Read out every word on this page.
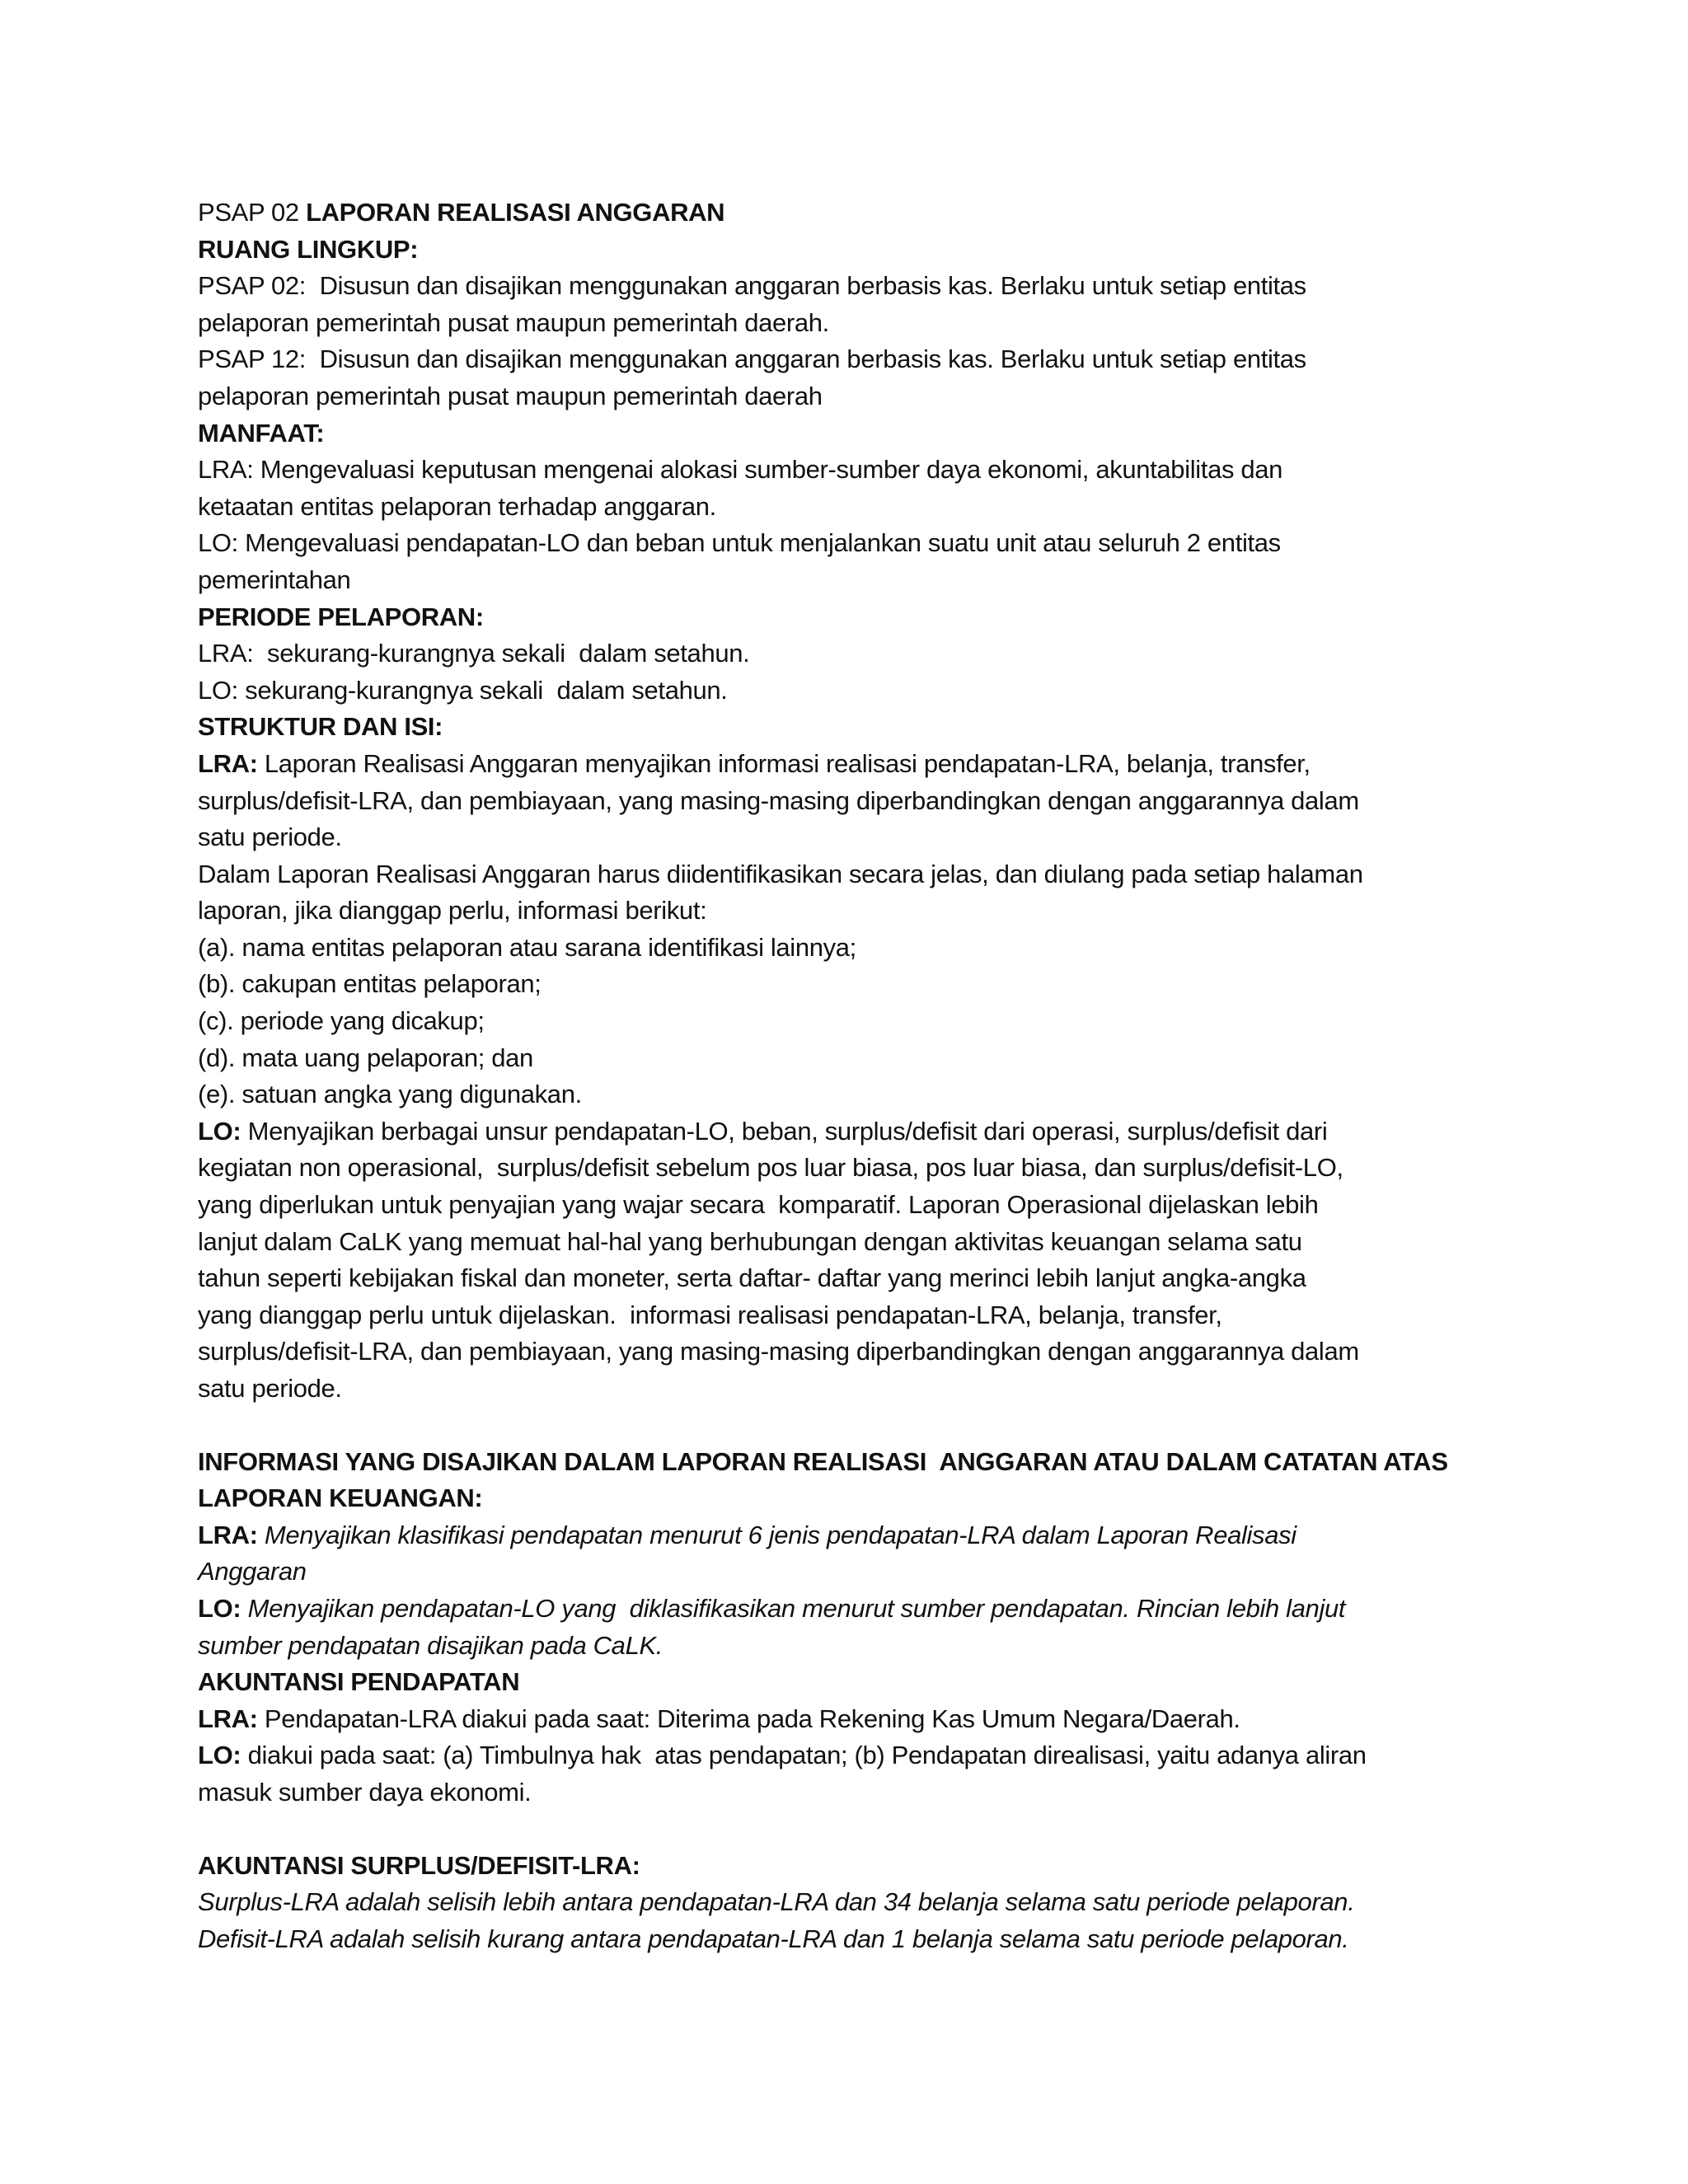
PSAP 02 LAPORAN REALISASI ANGGARAN

RUANG LINGKUP:

PSAP 02:  Disusun dan disajikan menggunakan anggaran berbasis kas. Berlaku untuk setiap entitas

pelaporan pemerintah pusat maupun pemerintah daerah.

PSAP 12:  Disusun dan disajikan menggunakan anggaran berbasis kas. Berlaku untuk setiap entitas

pelaporan pemerintah pusat maupun pemerintah daerah

MANFAAT:

LRA: Mengevaluasi keputusan mengenai alokasi sumber-sumber daya ekonomi, akuntabilitas dan

ketaatan entitas pelaporan terhadap anggaran.

LO: Mengevaluasi pendapatan-LO dan beban untuk menjalankan suatu unit atau seluruh 2 entitas

pemerintahan

PERIODE PELAPORAN:

LRA:  sekurang-kurangnya sekali  dalam setahun.

LO: sekurang-kurangnya sekali  dalam setahun.

STRUKTUR DAN ISI:

LRA: Laporan Realisasi Anggaran menyajikan informasi realisasi pendapatan-LRA, belanja, transfer,

surplus/defisit-LRA, dan pembiayaan, yang masing-masing diperbandingkan dengan anggarannya dalam

satu periode.

Dalam Laporan Realisasi Anggaran harus diidentifikasikan secara jelas, dan diulang pada setiap halaman

laporan, jika dianggap perlu, informasi berikut:

(a). nama entitas pelaporan atau sarana identifikasi lainnya;

(b). cakupan entitas pelaporan;

(c). periode yang dicakup;

(d). mata uang pelaporan; dan

(e). satuan angka yang digunakan.

LO: Menyajikan berbagai unsur pendapatan-LO, beban, surplus/defisit dari operasi, surplus/defisit dari

kegiatan non operasional,  surplus/defisit sebelum pos luar biasa, pos luar biasa, dan surplus/defisit-LO,

yang diperlukan untuk penyajian yang wajar secara  komparatif. Laporan Operasional dijelaskan lebih

lanjut dalam CaLK yang memuat hal-hal yang berhubungan dengan aktivitas keuangan selama satu

tahun seperti kebijakan fiskal dan moneter, serta daftar- daftar yang merinci lebih lanjut angka-angka

yang dianggap perlu untuk dijelaskan.  informasi realisasi pendapatan-LRA, belanja, transfer,

surplus/defisit-LRA, dan pembiayaan, yang masing-masing diperbandingkan dengan anggarannya dalam

satu periode.

INFORMASI YANG DISAJIKAN DALAM LAPORAN REALISASI  ANGGARAN ATAU DALAM CATATAN ATAS

LAPORAN KEUANGAN:

LRA: Menyajikan klasifikasi pendapatan menurut 6 jenis pendapatan-LRA dalam Laporan Realisasi

Anggaran

LO: Menyajikan pendapatan-LO yang  diklasifikasikan menurut sumber pendapatan. Rincian lebih lanjut

sumber pendapatan disajikan pada CaLK.

AKUNTANSI PENDAPATAN

LRA: Pendapatan-LRA diakui pada saat: Diterima pada Rekening Kas Umum Negara/Daerah.

LO: diakui pada saat: (a) Timbulnya hak  atas pendapatan; (b) Pendapatan direalisasi, yaitu adanya aliran

masuk sumber daya ekonomi.

AKUNTANSI SURPLUS/DEFISIT-LRA:

Surplus-LRA adalah selisih lebih antara pendapatan-LRA dan 34 belanja selama satu periode pelaporan.

Defisit-LRA adalah selisih kurang antara pendapatan-LRA dan 1 belanja selama satu periode pelaporan.
